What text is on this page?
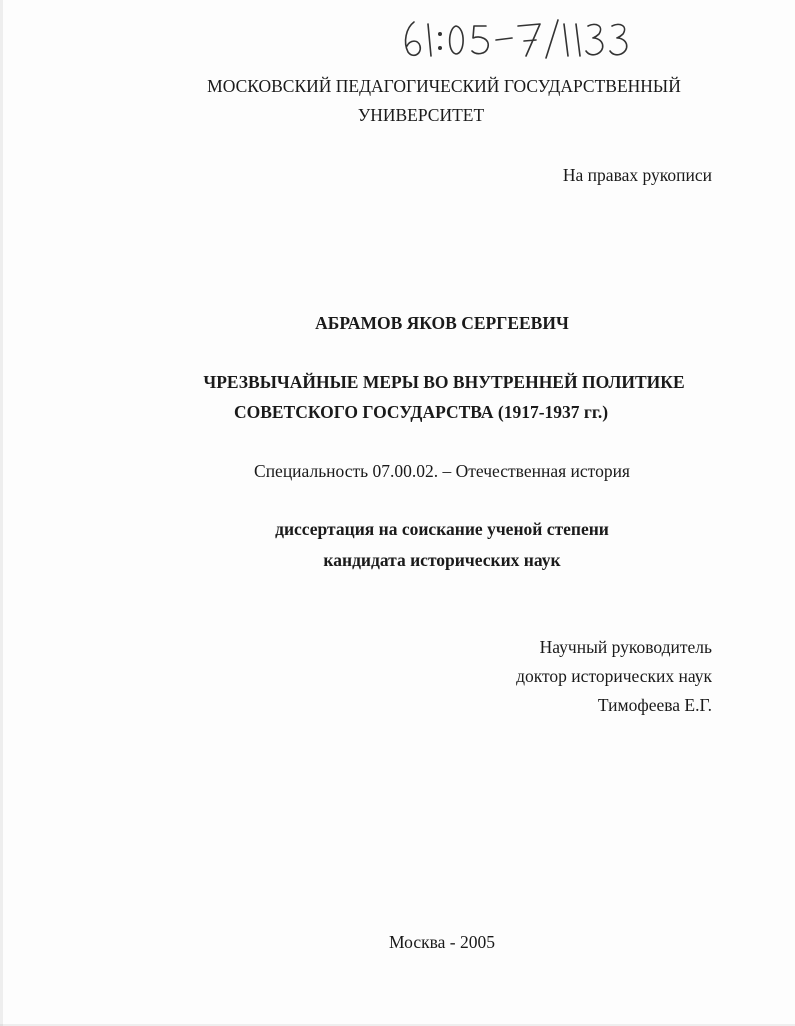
МОСКОВСКИЙ ПЕДАГОГИЧЕСКИЙ ГОСУДАРСТВЕННЫЙ
УНИВЕРСИТЕТ
На правах рукописи
АБРАМОВ ЯКОВ СЕРГЕЕВИЧ
ЧРЕЗВЫЧАЙНЫЕ МЕРЫ ВО ВНУТРЕННЕЙ ПОЛИТИКЕ
СОВЕТСКОГО ГОСУДАРСТВА (1917-1937 гг.)
Специальность 07.00.02. – Отечественная история
диссертация на соискание ученой степени
кандидата исторических наук
Научный руководитель
доктор исторических наук
Тимофеева Е.Г.
Москва - 2005
